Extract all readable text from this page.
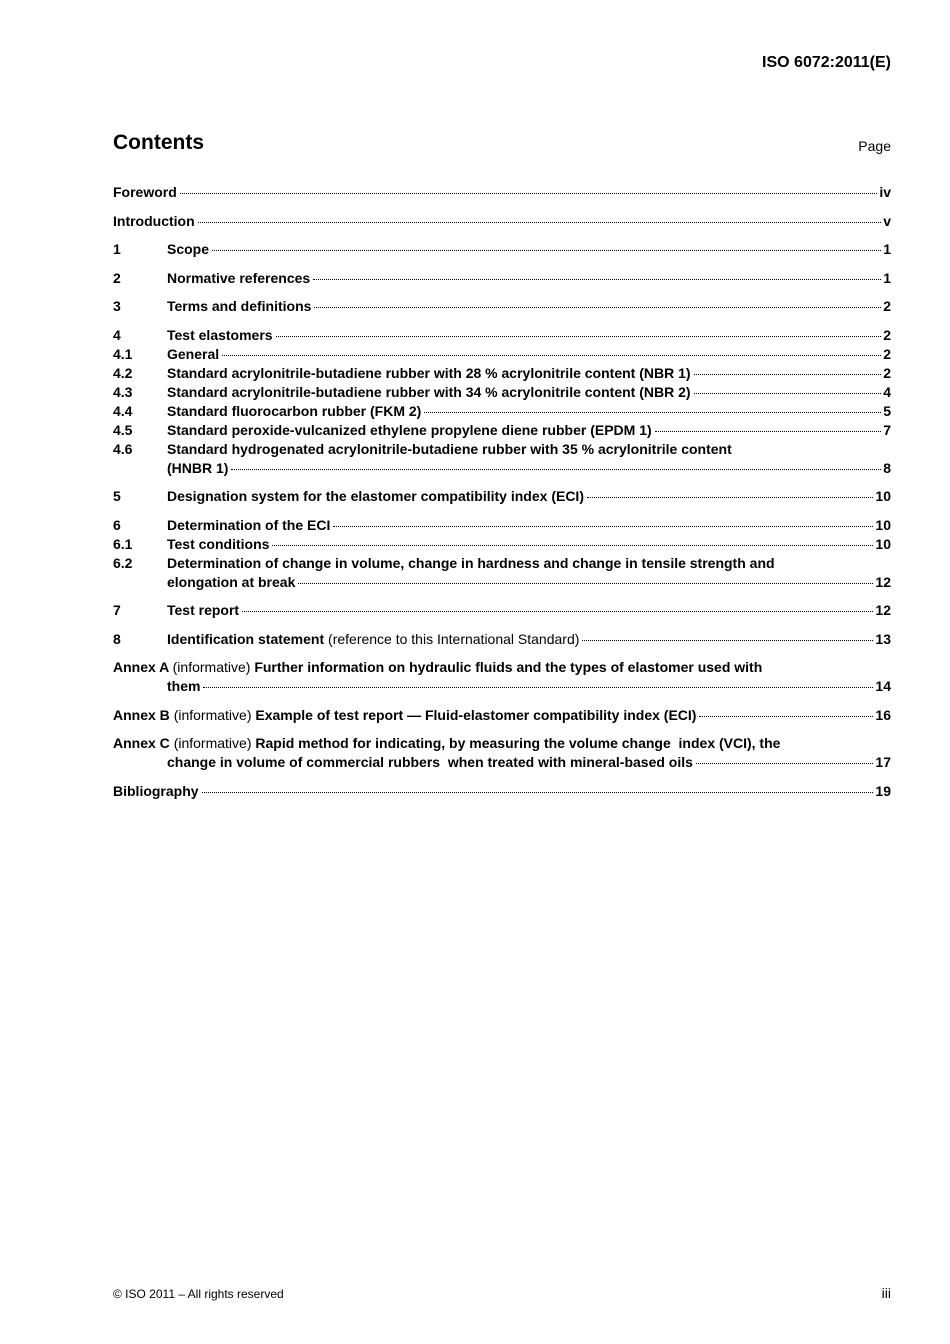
ISO 6072:2011(E)
Contents	Page
Foreword	iv
Introduction	v
1	Scope	1
2	Normative references	1
3	Terms and definitions	2
4	Test elastomers	2
4.1	General	2
4.2	Standard acrylonitrile-butadiene rubber with 28 % acrylonitrile content (NBR 1)	2
4.3	Standard acrylonitrile-butadiene rubber with 34 % acrylonitrile content (NBR 2)	4
4.4	Standard fluorocarbon rubber (FKM 2)	5
4.5	Standard peroxide-vulcanized ethylene propylene diene rubber (EPDM 1)	7
4.6	Standard hydrogenated acrylonitrile-butadiene rubber with 35 % acrylonitrile content
(HNBR 1)	8
5	Designation system for the elastomer compatibility index (ECI)	10
6	Determination of the ECI	10
6.1	Test conditions	10
6.2	Determination of change in volume, change in hardness and change in tensile strength and
elongation at break	12
7	Test report	12
8	Identification statement (reference to this International Standard)	13
Annex A (informative) Further information on hydraulic fluids and the types of elastomer used with
them	14
Annex B (informative) Example of test report — Fluid-elastomer compatibility index (ECI)	16
Annex C (informative) Rapid method for indicating, by measuring the volume change  index (VCI), the
change in volume of commercial rubbers  when treated with mineral-based oils	17
Bibliography	19
© ISO 2011 – All rights reserved	iii
